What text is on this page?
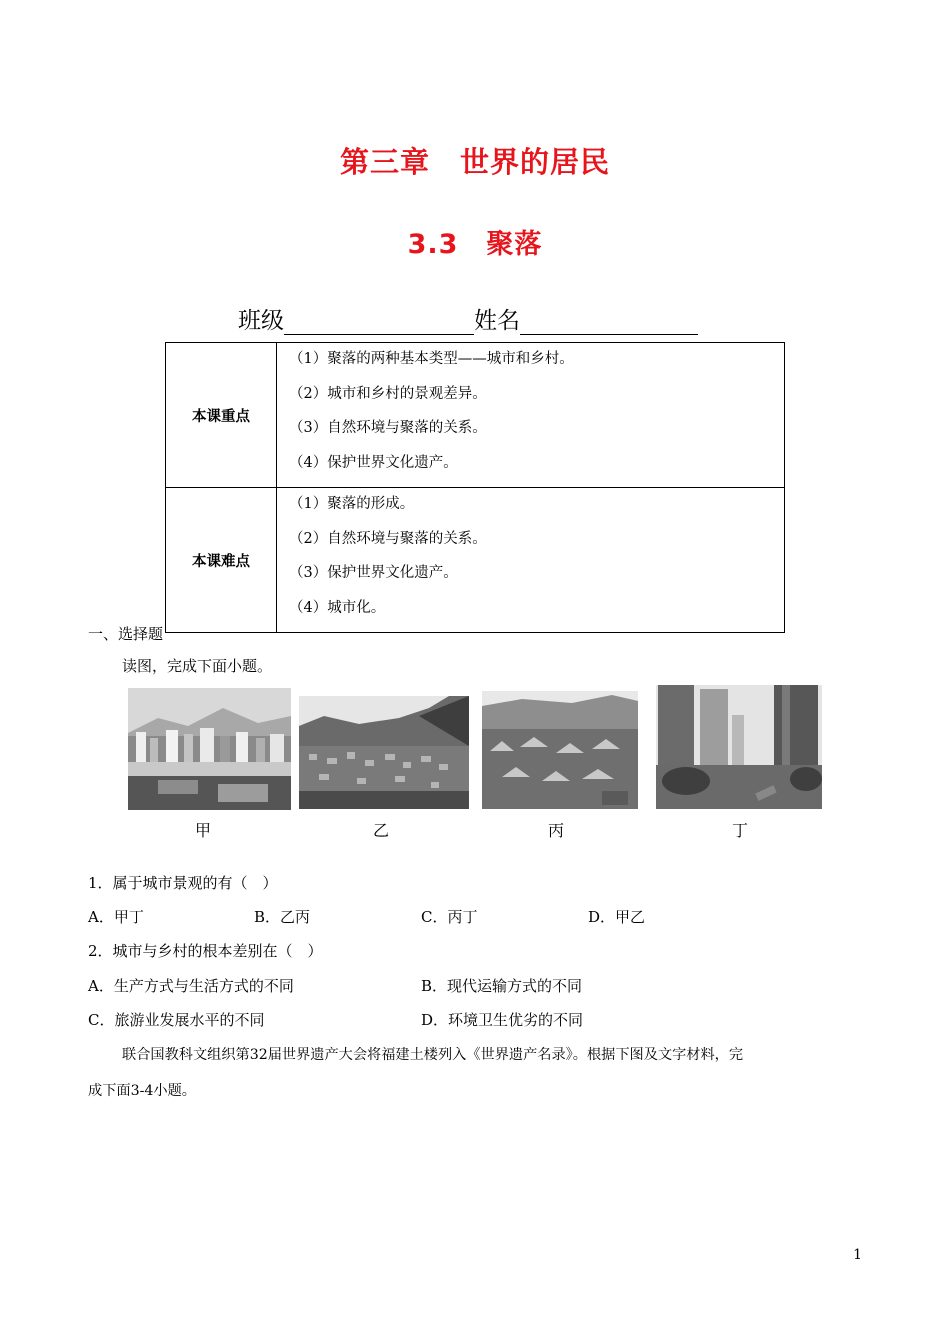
第三章　世界的居民
3.3　聚落
班级	姓名
本课重点	（1）聚落的两种基本类型——城市和乡村。
（2）城市和乡村的景观差异。
（3）自然环境与聚落的关系。
（4）保护世界文化遗产。

本课难点	（1）聚落的形成。
（2）自然环境与聚落的关系。
（3）保护世界文化遗产。
（4）城市化。
一、选择题
读图，完成下面小题。
甲	乙	丙	丁
1．属于城市景观的有（　）
A．甲丁	B．乙丙	C．丙丁	D．甲乙
2．城市与乡村的根本差别在（　）
A．生产方式与生活方式的不同	B．现代运输方式的不同
C．旅游业发展水平的不同	D．环境卫生优劣的不同
联合国教科文组织第32届世界遗产大会将福建土楼列入《世界遗产名录》。根据下图及文字材料，完
成下面3-4小题。
1
